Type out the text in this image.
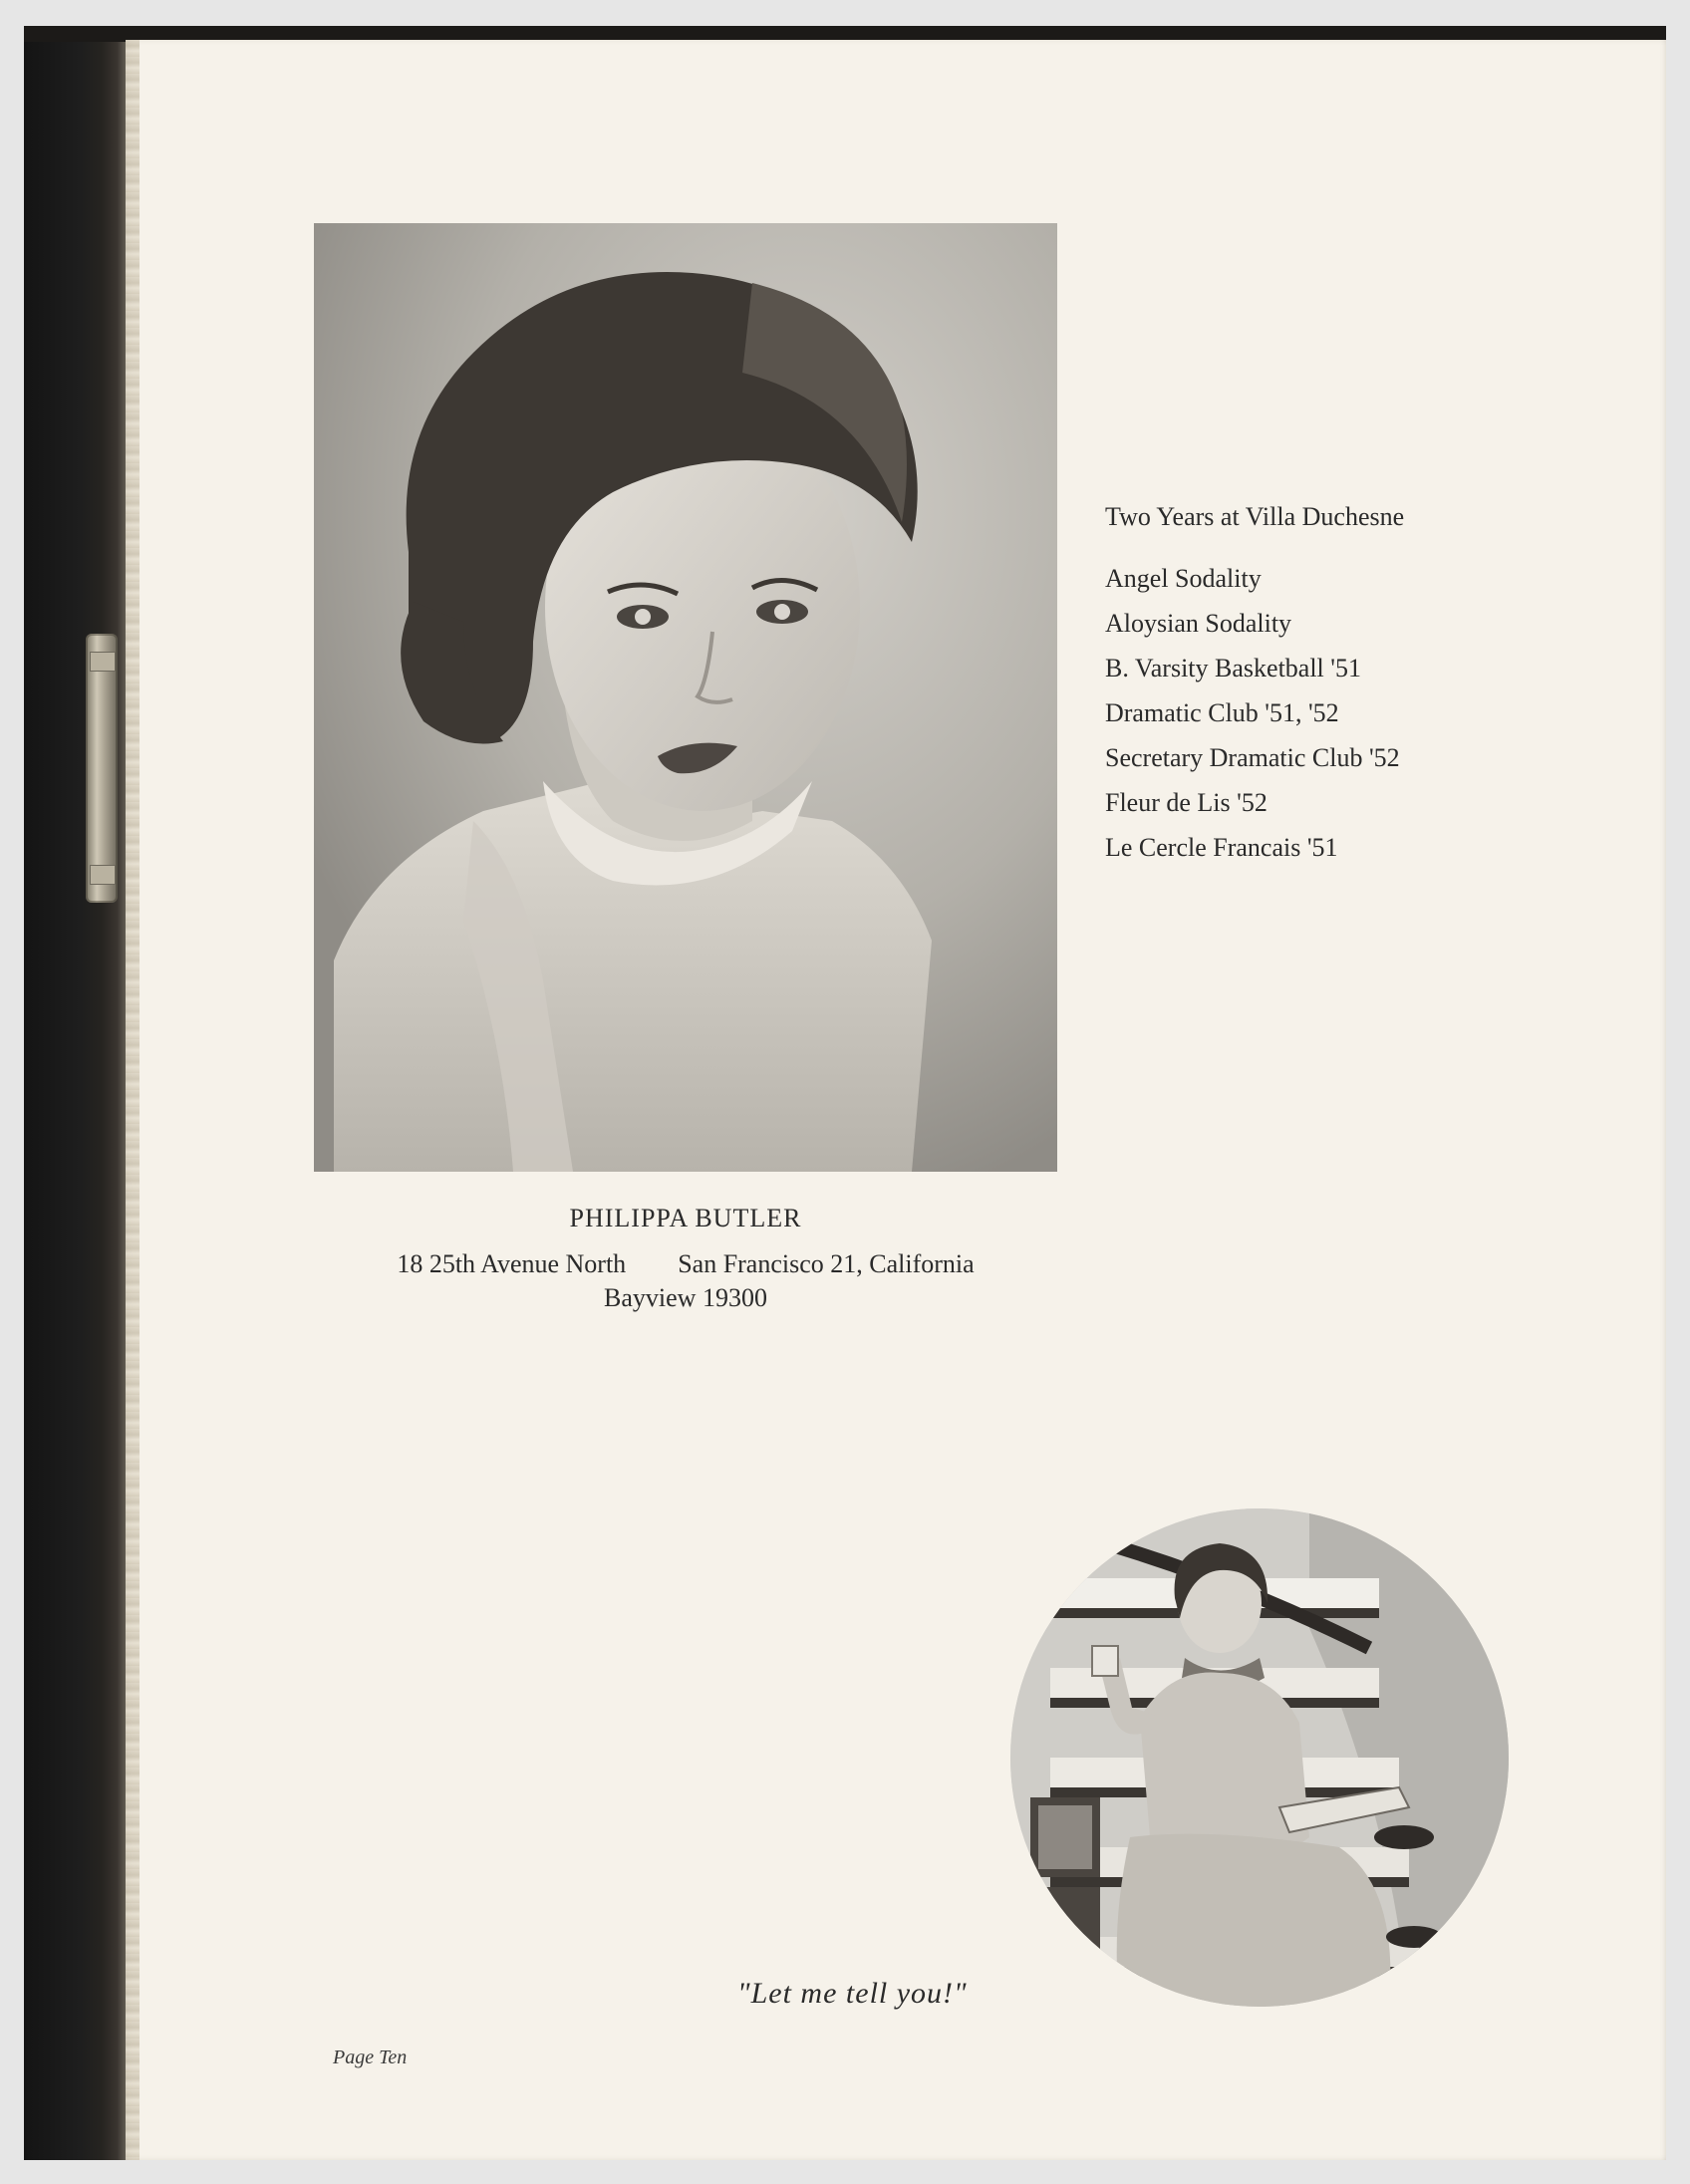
PHILIPPA BUTLER
18 25th Avenue North San Francisco 21, California
Bayview 19300
Two Years at Villa Duchesne
Angel Sodality
Aloysian Sodality
B. Varsity Basketball '51
Dramatic Club '51, '52
Secretary Dramatic Club '52
Fleur de Lis '52
Le Cercle Francais '51
"Let me tell you!"
Page Ten
